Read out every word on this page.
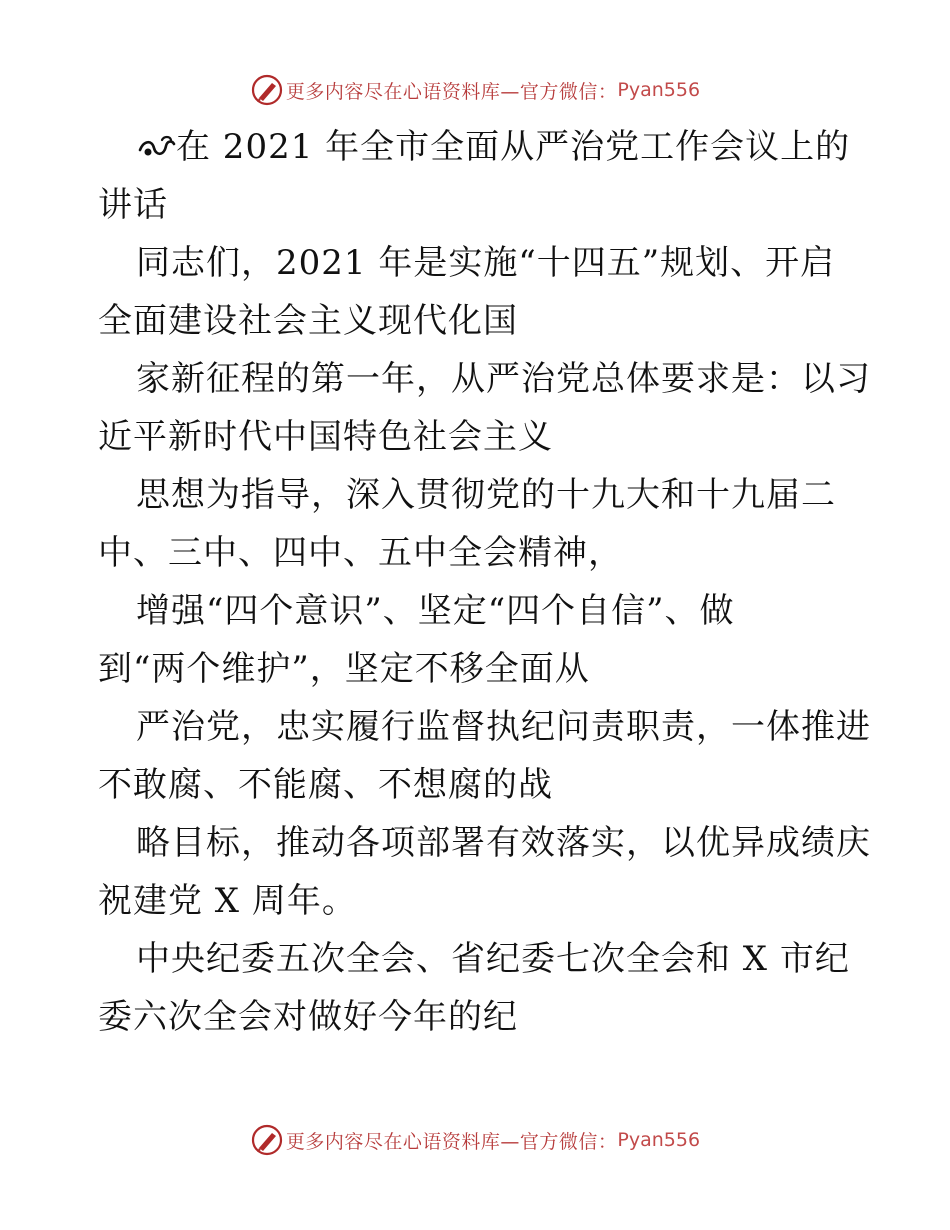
更多内容尽在心语资料库—官方微信： Pyan556
在 2021 年全市全面从严治党工作会议上的
讲话
同志们，2021 年是实施“十四五”规划、开启
全面建设社会主义现代化国
家新征程的第一年，从严治党总体要求是：以习
近平新时代中国特色社会主义
思想为指导，深入贯彻党的十九大和十九届二
中、三中、四中、五中全会精神，
增强“四个意识”、坚定“四个自信”、做
到“两个维护”，坚定不移全面从
严治党，忠实履行监督执纪问责职责，一体推进
不敢腐、不能腐、不想腐的战
略目标，推动各项部署有效落实，以优异成绩庆
祝建党 X 周年。
中央纪委五次全会、省纪委七次全会和 X 市纪
委六次全会对做好今年的纪
更多内容尽在心语资料库—官方微信： Pyan556
